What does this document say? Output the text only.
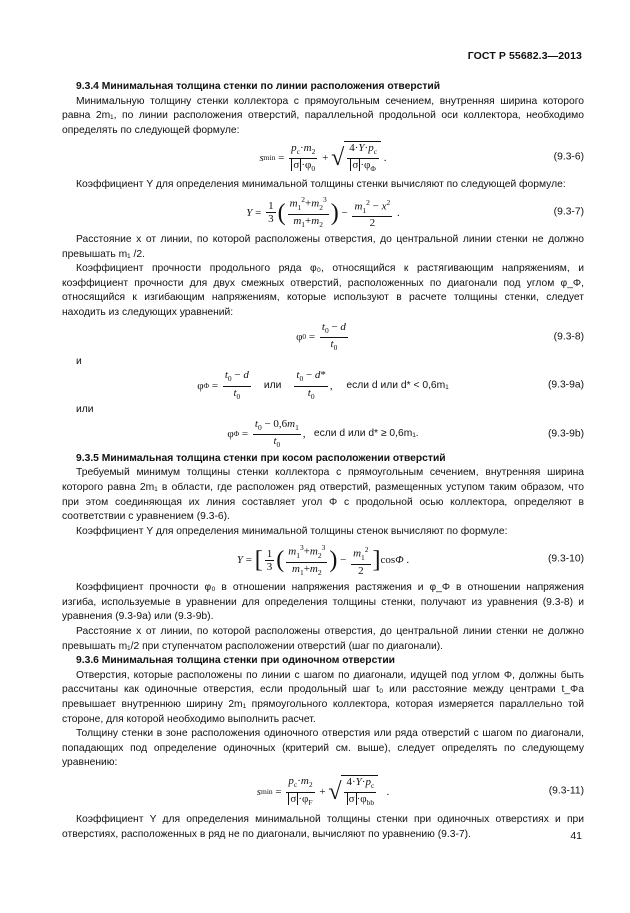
ГОСТ Р 55682.3—2013
9.3.4 Минимальная толщина стенки по линии расположения отверстий

Минимальную толщину стенки коллектора с прямоугольным сечением, внутренняя ширина которого равна 2m₁, по линии расположения отверстий, параллельной продольной оси коллектора, необходимо определять по следующей формуле:

s $\min = \frac{p_c\cdot m_2}{\sigma \cdot\varphi_0}$ + √ $\frac{4\cdot Y\cdot p_c}{\sigma \cdot\varphi_\Phi}$ .	(9.3-6)

Коэффициент Y для определения минимальной толщины стенки вычисляют по следующей формуле:

$Y = \frac{1}{3}$ ( $\frac{m_1^2+m_2^3}{m_1+m_2}$ ) − $\frac{m_1^2 - x^2}{2}$ .	(9.3-7)

Расстояние x от линии, по которой расположены отверстия, до центральной линии стенки не должно превышать m₁ /2.

Коэффициент прочности продольного ряда φ₀, относящийся к растягивающим напряжениям, и коэффициент прочности для двух смежных отверстий, расположенных по диагонали под углом φ_Φ, относящийся к изгибающим напряжениям, которые используют в расчете толщины стенки, следует находить из следующих уравнений:

φ $0 = \frac{t_0 - d}{t_0}$	(9.3-8)

и

φ $\Phi = \frac{t_0 - d}{t_0}$
или
$\frac{t_0 - d*}{t_0}$ , если d или d* < 0,6m₁	(9.3-9a)

или

φ $\Phi = \frac{t_0 - 0,6m_1}{t_0}$ , если d или d* ≥ 0,6m₁.	(9.3-9b)
9.3.5 Минимальная толщина стенки при косом расположении отверстий

Требуемый минимум толщины стенки коллектора с прямоугольным сечением, внутренняя ширина которого равна 2m₁ в области, где расположен ряд отверстий, размещенных уступом таким образом, что при этом соединяющая их линия составляет угол Φ с продольной осью коллектора, определяют в соответствии с уравнением (9.3-6).

Коэффициент Y для определения минимальной толщины стенок вычисляют по формуле:

Y = [ $\frac{1}{3}$ ( $\frac{m_1^3+m_2^3}{m_1+m_2}$ ) − $\frac{m_1^2}{2}$ ] cos Φ .	(9.3-10)

Коэффициент прочности φ₀ в отношении напряжения растяжения и φ_Φ в отношении напряжения изгиба, используемые в уравнении для определения толщины стенки, получают из уравнения (9.3-8) и уравнения (9.3-9a) или (9.3-9b).

Расстояние x от линии, по которой расположены отверстия, до центральной линии стенки не должно превышать m₁/2 при ступенчатом расположении отверстий (шаг по диагонали).

9.3.6 Минимальная толщина стенки при одиночном отверстии

Отверстия, которые расположены по линии с шагом по диагонали, идущей под углом Φ, должны быть рассчитаны как одиночные отверстия, если продольный шаг t₀ или расстояние между центрами t_Φa превышает внутреннюю ширину 2m₁ прямоугольного коллектора, которая измеряется параллельно той стороне, для которой необходимо выполнить расчет.

Толщину стенки в зоне расположения одиночного отверстия или ряда отверстий с шагом по диагонали, попадающих под определение одиночных (критерий см. выше), следует определять по следующему уравнению:

s $\min = \frac{p_c\cdot m_2}{\sigma \cdot\varphi_F}$ + √ $\frac{4\cdot Y\cdot p_c}{\sigma \cdot\varphi_{bb}}$ .	(9.3-11)

Коэффициент Y для определения минимальной толщины стенки при одиночных отверстиях и при отверстиях, расположенных в ряд не по диагонали, вычисляют по уравнению (9.3-7).	41
